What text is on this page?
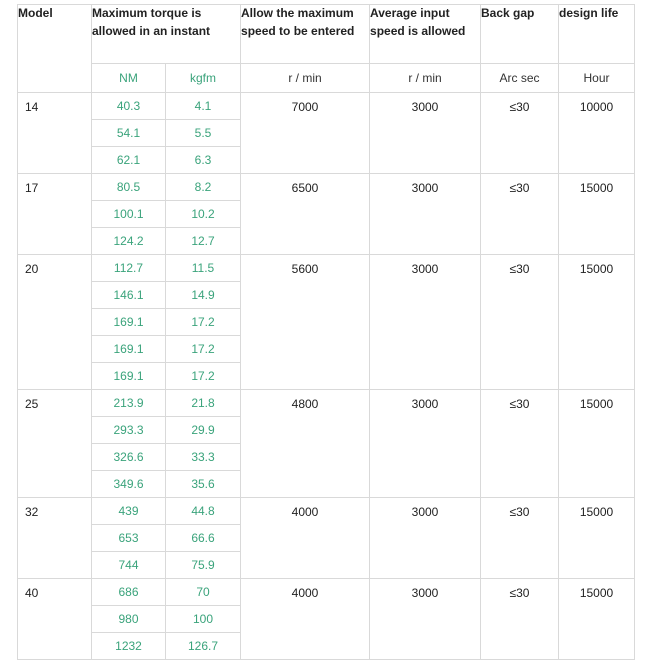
Model	Maximum torque is allowed in an instant		Allow the maximum speed to be entered	Average input speed is allowed	Back gap	design life
	NM	kgfm	r / min	r / min	Arc sec	Hour
14	40.3	4.1	7000	3000	≤30	10000
	54.1	5.5				
	62.1	6.3				
17	80.5	8.2	6500	3000	≤30	15000
	100.1	10.2				
	124.2	12.7				
20	112.7	11.5	5600	3000	≤30	15000
	146.1	14.9				
	169.1	17.2				
	169.1	17.2				
	169.1	17.2				
25	213.9	21.8	4800	3000	≤30	15000
	293.3	29.9				
	326.6	33.3				
	349.6	35.6				
32	439	44.8	4000	3000	≤30	15000
	653	66.6				
	744	75.9				
40	686	70	4000	3000	≤30	15000
	980	100				
	1232	126.7				
